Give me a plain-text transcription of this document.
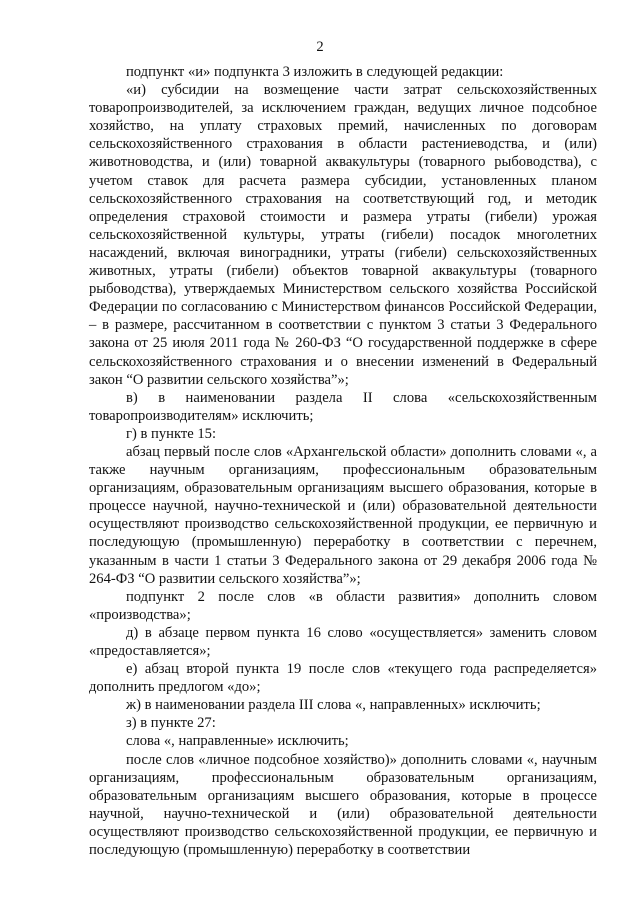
2

подпункт «и» подпункта 3 изложить в следующей редакции:

«и) субсидии на возмещение части затрат сельскохозяйственных товаропроизводителей, за исключением граждан, ведущих личное подсобное хозяйство, на уплату страховых премий, начисленных по договорам сельскохозяйственного страхования в области растениеводства, и (или) животноводства, и (или) товарной аквакультуры (товарного рыбоводства), с учетом ставок для расчета размера субсидии, установленных планом сельскохозяйственного страхования на соответствующий год, и методик определения страховой стоимости и размера утраты (гибели) урожая сельскохозяйственной культуры, утраты (гибели) посадок многолетних насаждений, включая виноградники, утраты (гибели) сельскохозяйственных животных, утраты (гибели) объектов товарной аквакультуры (товарного рыбоводства), утверждаемых Министерством сельского хозяйства Российской Федерации по согласованию с Министерством финансов Российской Федерации, – в размере, рассчитанном в соответствии с пунктом 3 статьи 3 Федерального закона от 25 июля 2011 года № 260-ФЗ “О государственной поддержке в сфере сельскохозяйственного страхования и о внесении изменений в Федеральный закон “О развитии сельского хозяйства”»;

в) в наименовании раздела II слова «сельскохозяйственным товаропроизводителям» исключить;

г) в пункте 15:

абзац первый после слов «Архангельской области» дополнить словами «, а также научным организациям, профессиональным образовательным организациям, образовательным организациям высшего образования, которые в процессе научной, научно-технической и (или) образовательной деятельности осуществляют производство сельскохозяйственной продукции, ее первичную и последующую (промышленную) переработку в соответствии с перечнем, указанным в части 1 статьи 3 Федерального закона от 29 декабря 2006 года № 264-ФЗ “О развитии сельского хозяйства”»;

подпункт 2 после слов «в области развития» дополнить словом «производства»;

д) в абзаце первом пункта 16 слово «осуществляется» заменить словом «предоставляется»;

е) абзац второй пункта 19 после слов «текущего года распределяется» дополнить предлогом «до»;

ж) в наименовании раздела III слова «, направленных» исключить;

з) в пункте 27:

слова «, направленные» исключить;

после слов «личное подсобное хозяйство)» дополнить словами «, научным организациям, профессиональным образовательным организациям, образовательным организациям высшего образования, которые в процессе научной, научно-технической и (или) образовательной деятельности осуществляют производство сельскохозяйственной продукции, ее первичную и последующую (промышленную) переработку в соответствии
